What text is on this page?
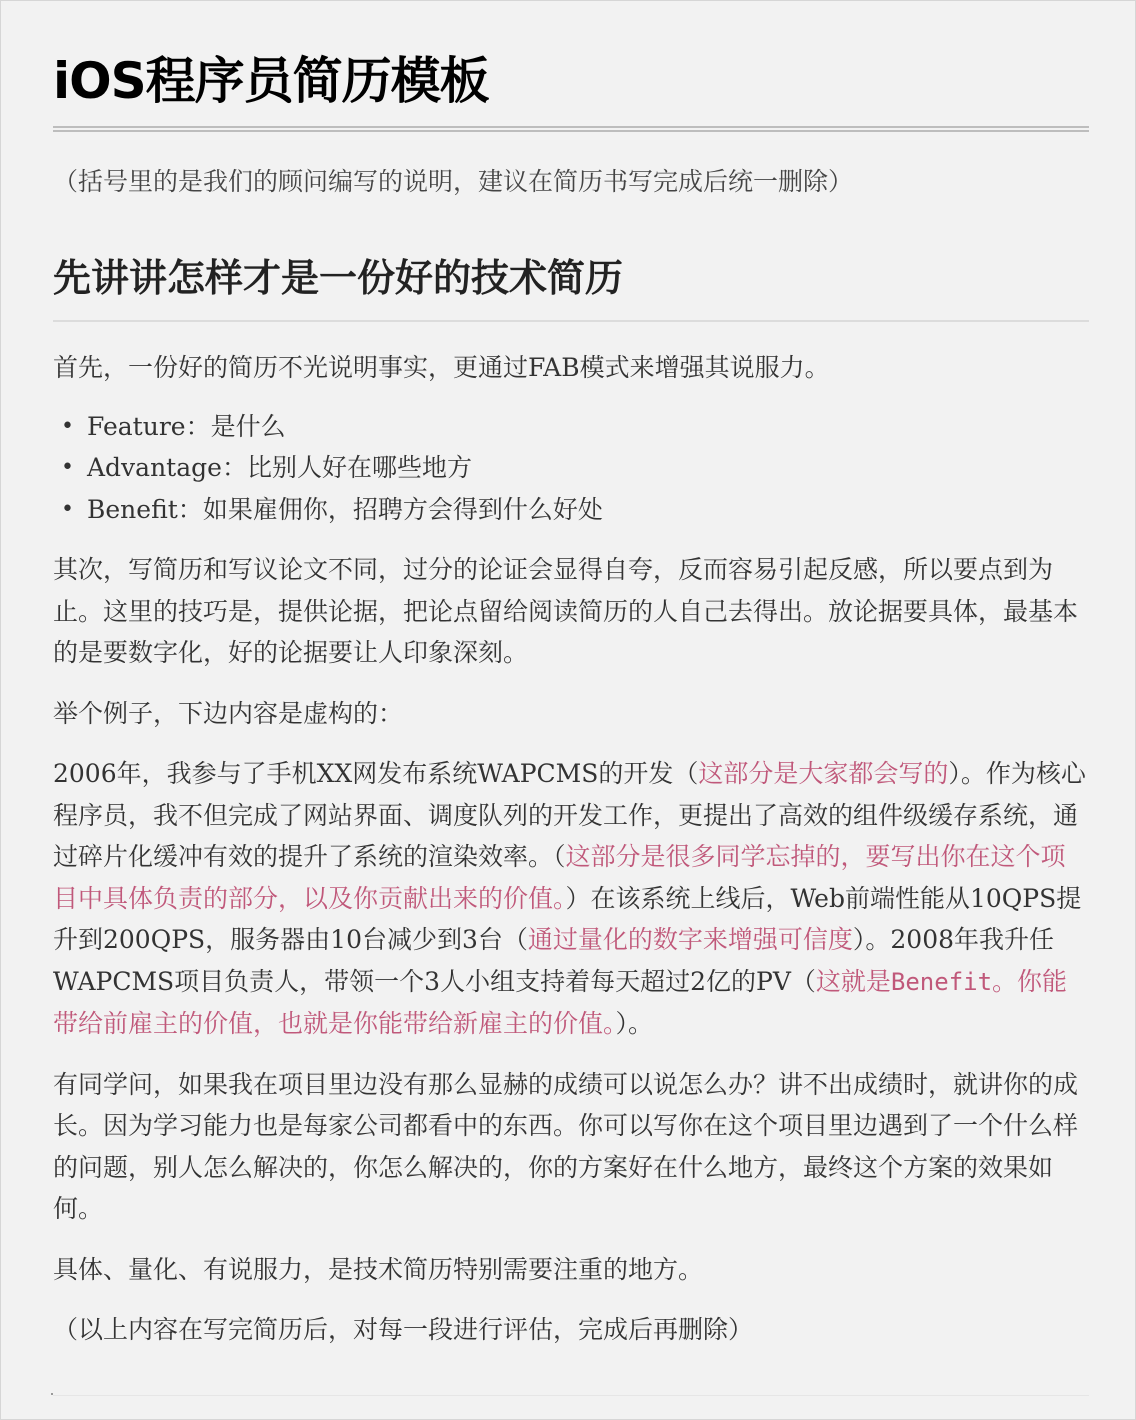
iOS程序员简历模板

（括号里的是我们的顾问编写的说明，建议在简历书写完成后统一删除）

先讲讲怎样才是一份好的技术简历

首先，一份好的简历不光说明事实，更通过FAB模式来增强其说服力。

• Feature：是什么
• Advantage：比别人好在哪些地方
• Benefit：如果雇佣你，招聘方会得到什么好处

其次，写简历和写议论文不同，过分的论证会显得自夸，反而容易引起反感，所以要点到为止。这里的技巧是，提供论据，把论点留给阅读简历的人自己去得出。放论据要具体，最基本的是要数字化，好的论据要让人印象深刻。

举个例子，下边内容是虚构的：

2006年，我参与了手机XX网发布系统WAPCMS的开发（这部分是大家都会写的）。作为核心程序员，我不但完成了网站界面、调度队列的开发工作，更提出了高效的组件级缓存系统，通过碎片化缓冲有效的提升了系统的渲染效率。（这部分是很多同学忘掉的，要写出你在这个项目中具体负责的部分，以及你贡献出来的价值。）在该系统上线后，Web前端性能从10QPS提升到200QPS，服务器由10台减少到3台（通过量化的数字来增强可信度）。2008年我升任WAPCMS项目负责人，带领一个3人小组支持着每天超过2亿的PV（这就是Benefit。你能带给前雇主的价值，也就是你能带给新雇主的价值。）。

有同学问，如果我在项目里边没有那么显赫的成绩可以说怎么办？讲不出成绩时，就讲你的成长。因为学习能力也是每家公司都看中的东西。你可以写你在这个项目里边遇到了一个什么样的问题，别人怎么解决的，你怎么解决的，你的方案好在什么地方，最终这个方案的效果如何。

具体、量化、有说服力，是技术简历特别需要注重的地方。

（以上内容在写完简历后，对每一段进行评估，完成后再删除）
